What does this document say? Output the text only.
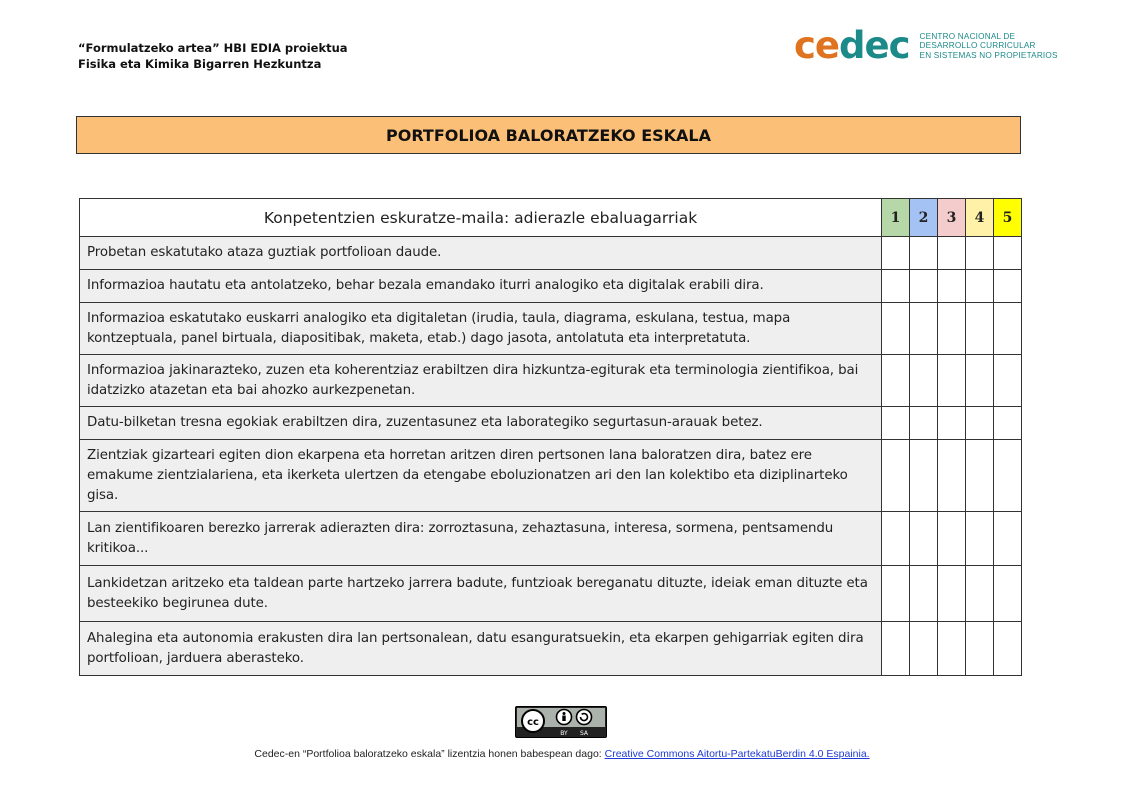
“Formulatzeko artea” HBI EDIA proiektua
Fisika eta Kimika Bigarren Hezkuntza	cedec CENTRO NACIONAL DE
DESARROLLO CURRICULAR
EN SISTEMAS NO PROPIETARIOS
PORTFOLIOA BALORATZEKO ESKALA
Konpetentzien eskuratze-maila: adierazle ebaluagarriak	1	2	3	4	5
Probetan eskatutako ataza guztiak portfolioan daude.					
Informazioa hautatu eta antolatzeko, behar bezala emandako iturri analogiko eta digitalak erabili dira.					
Informazioa eskatutako euskarri analogiko eta digitaletan (irudia, taula, diagrama, eskulana, testua, mapa kontzeptuala, panel birtuala, diapositibak, maketa, etab.) dago jasota, antolatuta eta interpretatuta.					
Informazioa jakinarazteko, zuzen eta koherentziaz erabiltzen dira hizkuntza-egiturak eta terminologia zientifikoa, bai idatzizko atazetan eta bai ahozko aurkezpenetan.					
Datu-bilketan tresna egokiak erabiltzen dira, zuzentasunez eta laborategiko segurtasun-arauak betez.					
Zientziak gizarteari egiten dion ekarpena eta horretan aritzen diren pertsonen lana baloratzen dira, batez ere emakume zientzialariena, eta ikerketa ulertzen da etengabe eboluzionatzen ari den lan kolektibo eta diziplinarteko gisa.					
Lan zientifikoaren berezko jarrerak adierazten dira: zorroztasuna, zehaztasuna, interesa, sormena, pentsamendu kritikoa...					
Lankidetzan aritzeko eta taldean parte hartzeko jarrera badute, funtzioak bereganatu dituzte, ideiak eman dituzte eta besteekiko begirunea dute.					
Ahalegina eta autonomia erakusten dira lan pertsonalean, datu esanguratsuekin, eta ekarpen gehigarriak egiten dira portfolioan, jarduera aberasteko.					
cc
BY SA
Cedec-en “Portfolioa baloratzeko eskala” lizentzia honen babespean dago: Creative Commons Aitortu-PartekatuBerdin 4.0 Espainia.
